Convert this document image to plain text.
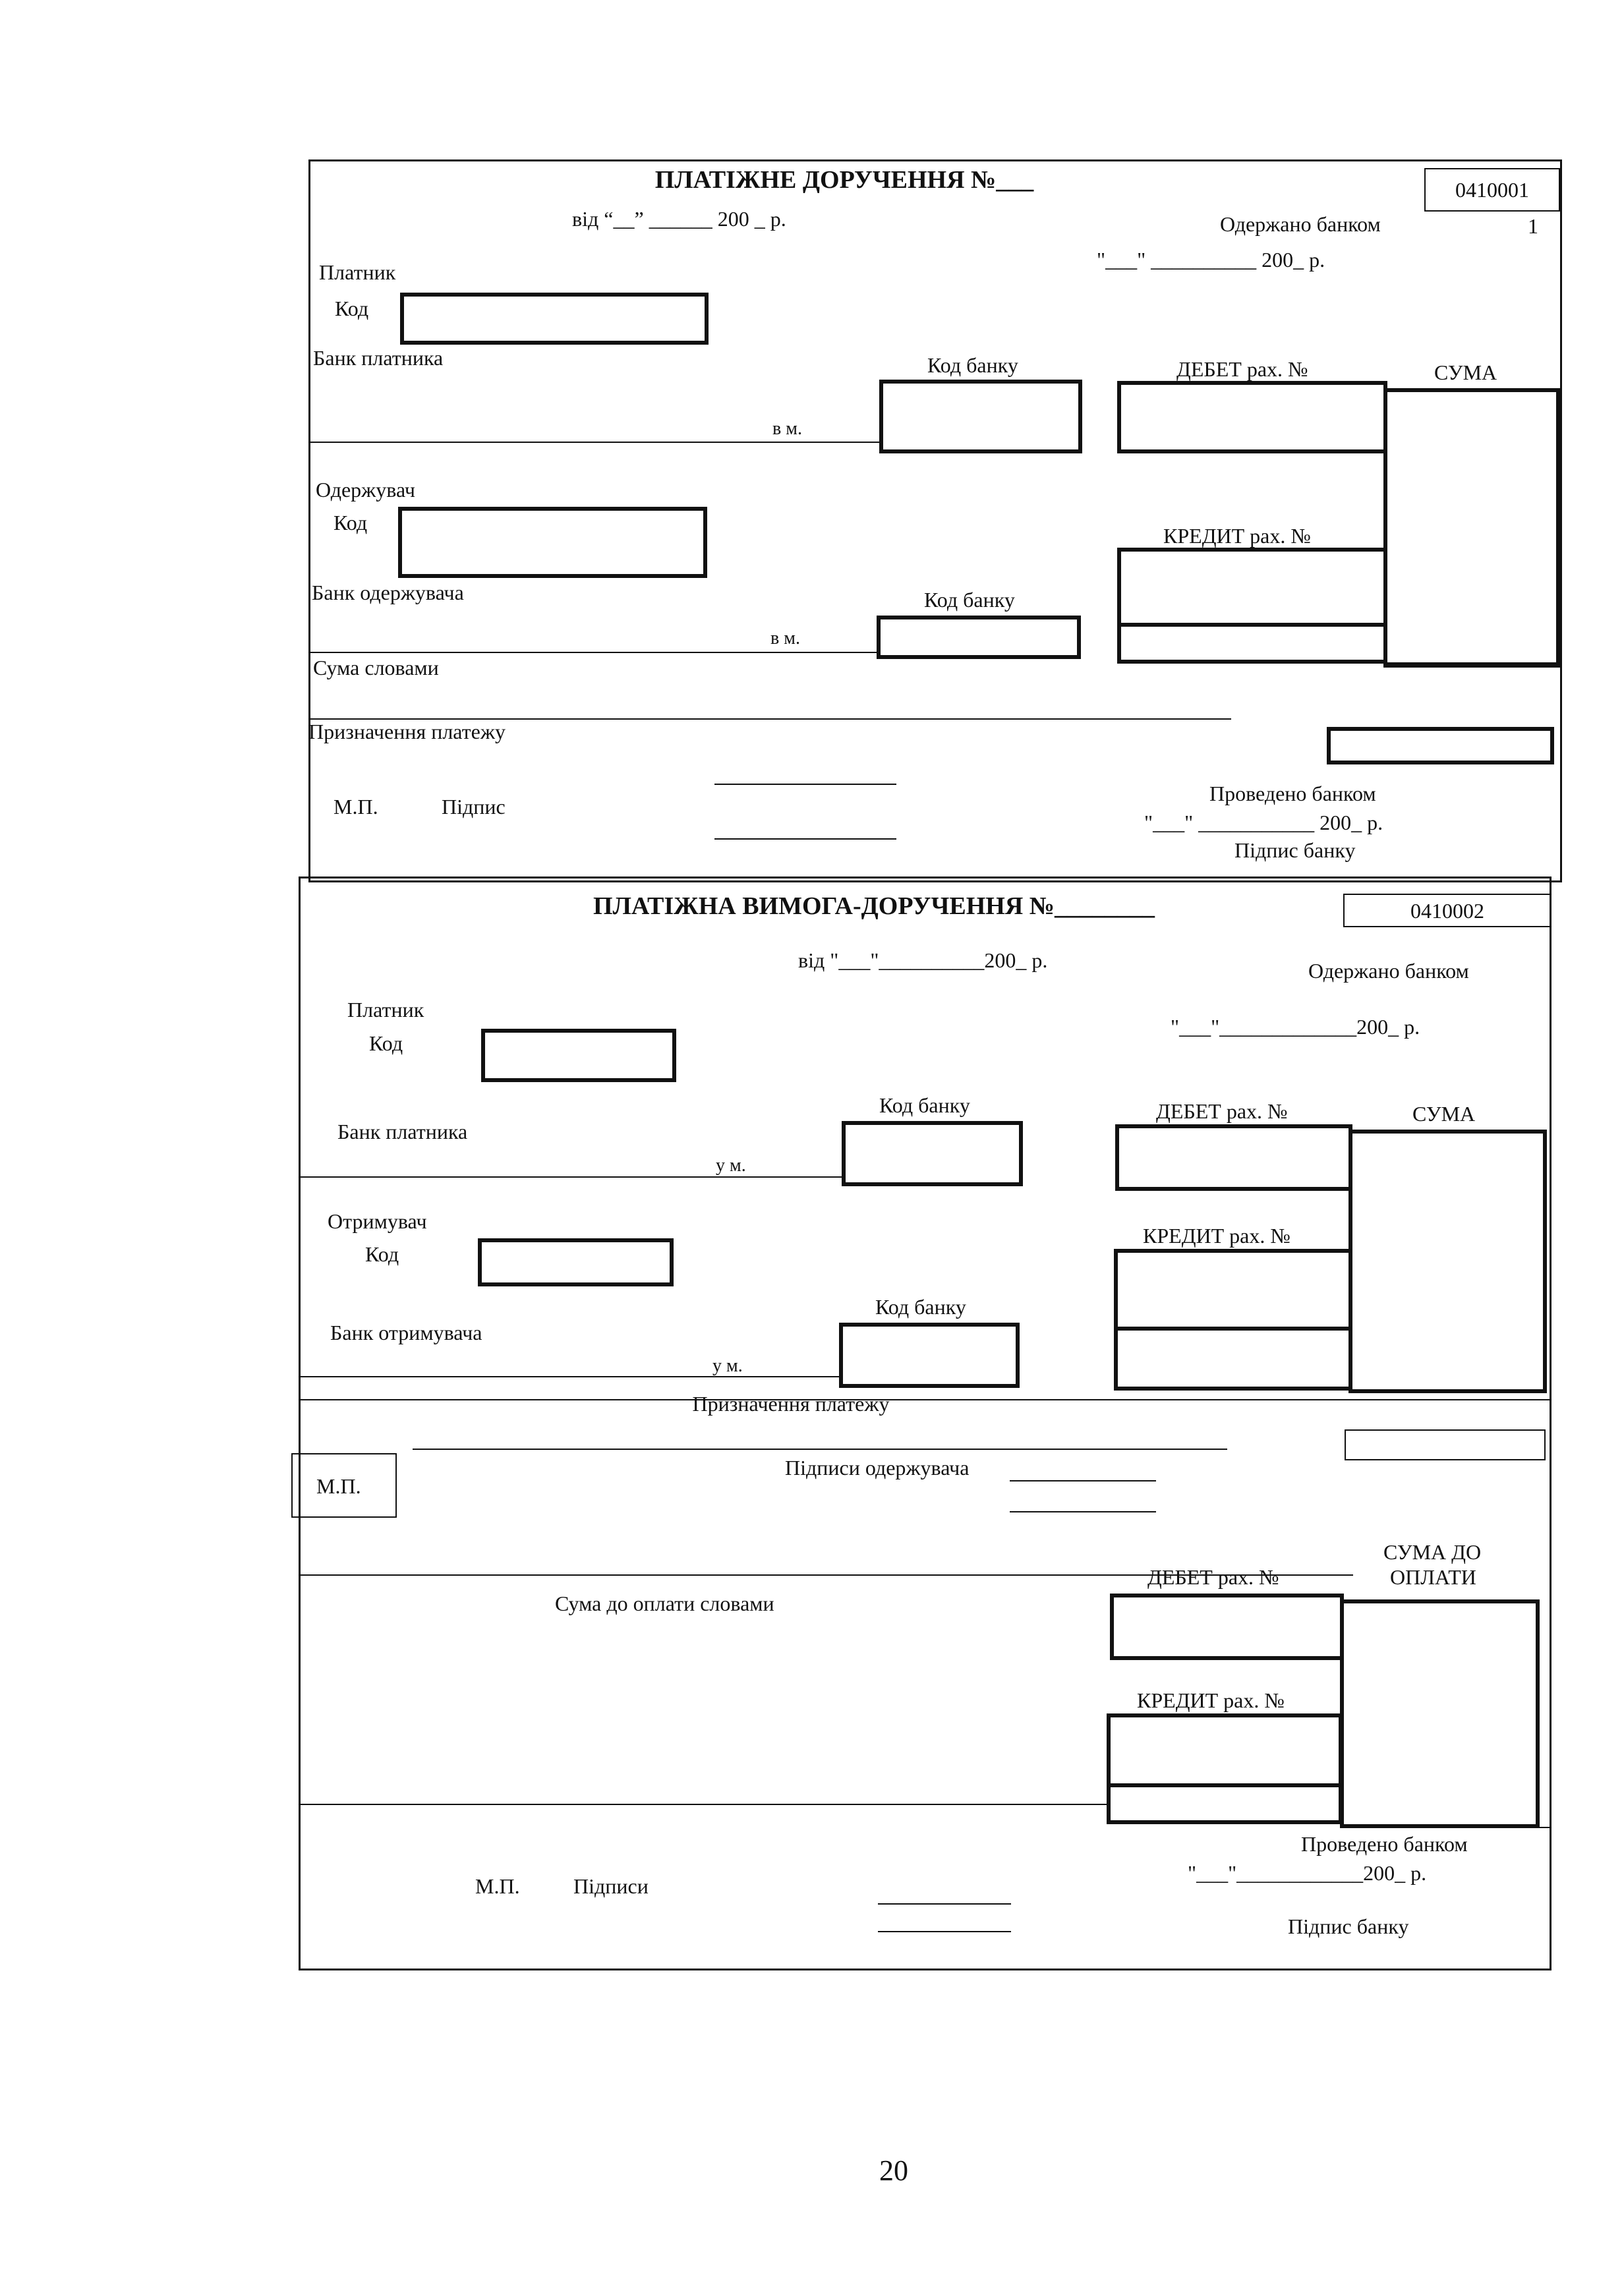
ПЛАТІЖНЕ ДОРУЧЕННЯ №___	0410001
від “__” ______ 200 _ р.	Одержано банком	1
"___" __________ 200_ р.
Платник
Код
Банк платника	Код банку
в м.
ДЕБЕТ рах. №	СУМА
Одержувач
Код
КРЕДИТ рах. №
Банк одержувача	Код банку
в м.
Сума словами
Призначення платежу
М.П.	Підпис
Проведено банком
"___" ___________ 200_ р.
Підпис банку
ПЛАТІЖНА ВИМОГА-ДОРУЧЕННЯ №________	0410002
від "___"__________200_ р.	Одержано банком
"___"_____________200_ р.
Платник
Код
Банк платника
Код банку
у м.
ДЕБЕТ рах. №	СУМА
Отримувач
Код
КРЕДИТ рах. №
Банк отримувача
Код банку
у м.
Призначення платежу
М.П.
Підписи одержувача
СУМА ДО
ОПЛАТИ
ДЕБЕТ рах. №
Сума до оплати словами
КРЕДИТ рах. №
Проведено банком
"___"____________200_ р.
Підпис банку
М.П.	Підписи
20
